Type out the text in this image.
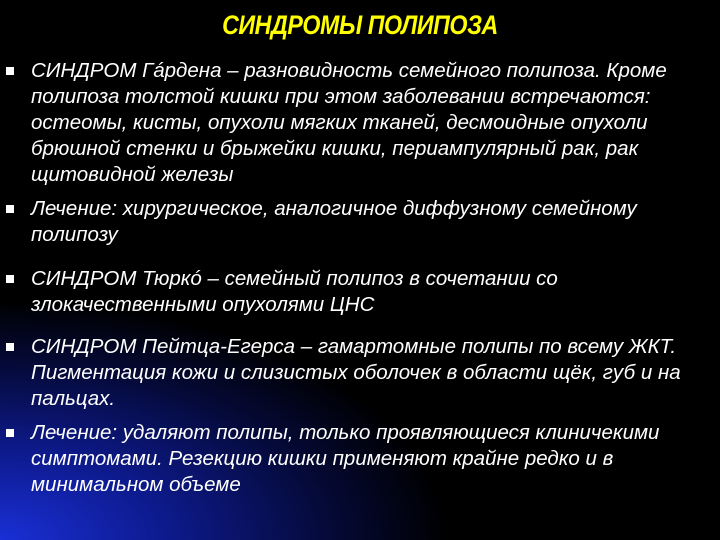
СИНДРОМЫ ПОЛИПОЗА

СИНДРОМ Гáрдена – разновидность семейного полипоза. Кроме полипоза толстой кишки при этом заболевании встречаются: остеомы, кисты, опухоли мягких тканей, десмоидные опухоли брюшной стенки и брыжейки кишки, периампулярный рак, рак щитовидной железы

Лечение: хирургическое, аналогичное диффузному семейному полипозу

СИНДРОМ Тюркó – семейный полипоз в сочетании со злокачественными опухолями ЦНС

СИНДРОМ Пейтца-Егерса – гамартомные полипы по всему ЖКТ. Пигментация кожи и слизистых оболочек в области щёк, губ и на пальцах.

Лечение: удаляют полипы, только проявляющиеся клиничекими симптомами. Резекцию кишки применяют крайне редко и в минимальном объеме
